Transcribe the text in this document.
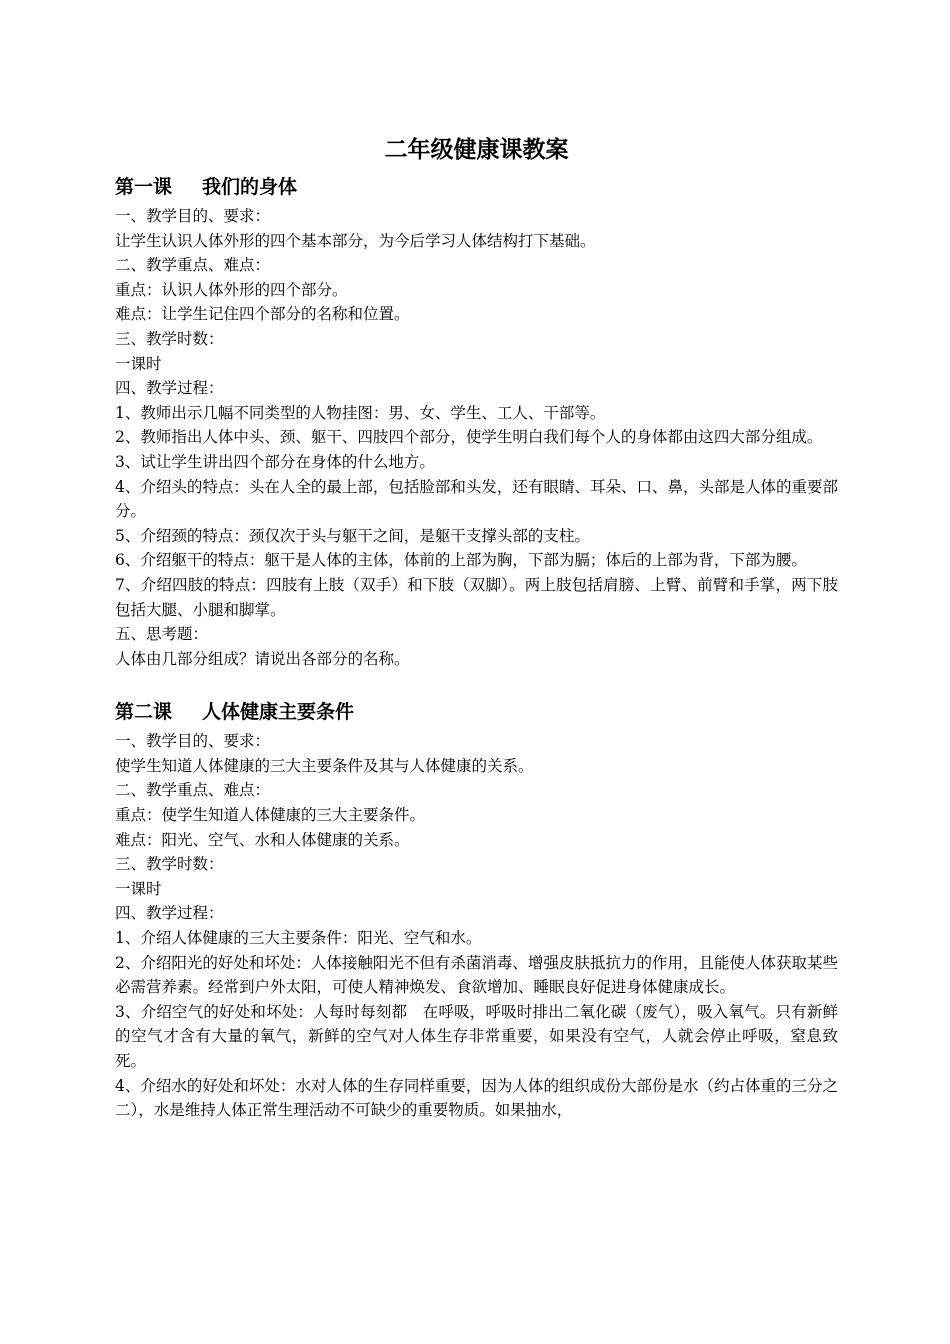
二年级健康课教案
第一课 我们的身体

一、教学目的、要求：

让学生认识人体外形的四个基本部分，为今后学习人体结构打下基础。

二、教学重点、难点：

重点：认识人体外形的四个部分。

难点：让学生记住四个部分的名称和位置。

三、教学时数：

一课时

四、教学过程：

1、教师出示几幅不同类型的人物挂图：男、女、学生、工人、干部等。

2、教师指出人体中头、颈、躯干、四肢四个部分，使学生明白我们每个人的身体都由这四大部分组成。

3、试让学生讲出四个部分在身体的什么地方。

4、介绍头的特点：头在人全的最上部，包括脸部和头发，还有眼睛、耳朵、口、鼻，头部是人体的重要部分。

5、介绍颈的特点：颈仅次于头与躯干之间，是躯干支撑头部的支柱。

6、介绍躯干的特点：躯干是人体的主体，体前的上部为胸，下部为膈；体后的上部为背，下部为腰。

7、介绍四肢的特点：四肢有上肢（双手）和下肢（双脚）。两上肢包括肩膀、上臂、前臂和手掌，两下肢包括大腿、小腿和脚掌。

五、思考题：

人体由几部分组成？请说出各部分的名称。

第二课 人体健康主要条件

一、教学目的、要求：

使学生知道人体健康的三大主要条件及其与人体健康的关系。

二、教学重点、难点：

重点：使学生知道人体健康的三大主要条件。

难点：阳光、空气、水和人体健康的关系。

三、教学时数：

一课时

四、教学过程：

1、介绍人体健康的三大主要条件：阳光、空气和水。

2、介绍阳光的好处和坏处：人体接触阳光不但有杀菌消毒、增强皮肤抵抗力的作用，且能使人体获取某些必需营养素。经常到户外太阳，可使人精神焕发、食欲增加、睡眠良好促进身体健康成长。

3、介绍空气的好处和坏处：人每时每刻都　在呼吸，呼吸时排出二氧化碳（废气），吸入氧气。只有新鲜的空气才含有大量的氧气，新鲜的空气对人体生存非常重要，如果没有空气，人就会停止呼吸，窒息致死。

4、介绍水的好处和坏处：水对人体的生存同样重要，因为人体的组织成份大部份是水（约占体重的三分之二），水是维持人体正常生理活动不可缺少的重要物质。如果抽水，
